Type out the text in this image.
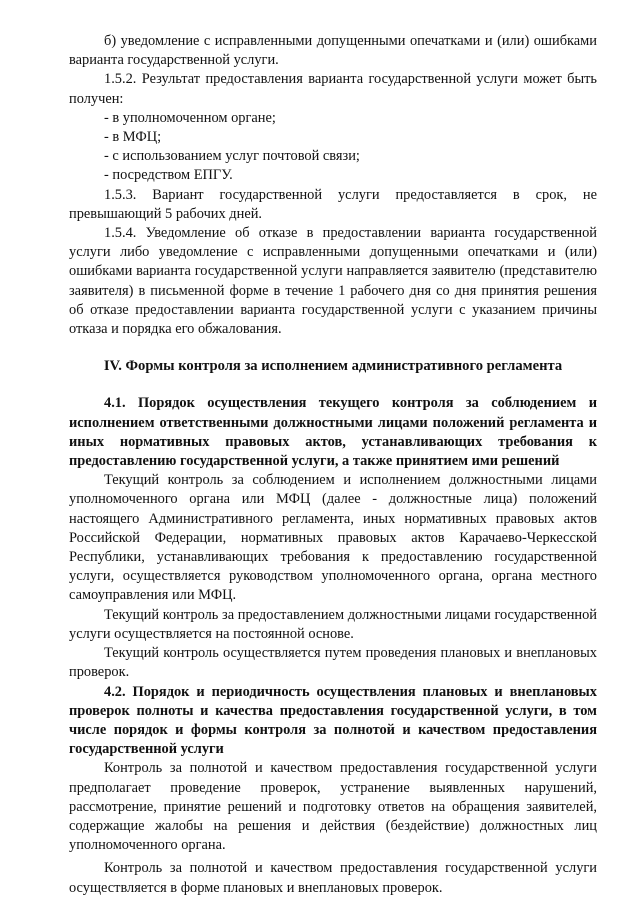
б) уведомление с исправленными допущенными опечатками и (или) ошибками варианта государственной услуги.

1.5.2. Результат предоставления варианта государственной услуги может быть получен:

- в уполномоченном органе;

- в МФЦ;

- с использованием услуг почтовой связи;

- посредством ЕПГУ.

1.5.3. Вариант государственной услуги предоставляется в срок, не превышающий 5 рабочих дней.

1.5.4. Уведомление об отказе в предоставлении варианта государственной услуги либо уведомление с исправленными допущенными опечатками и (или) ошибками варианта государственной услуги направляется заявителю (представителю заявителя) в письменной форме в течение 1 рабочего дня со дня принятия решения об отказе предоставлении варианта государственной услуги с указанием причины отказа и порядка его обжалования.

IV. Формы контроля за исполнением административного регламента

4.1. Порядок осуществления текущего контроля за соблюдением и исполнением ответственными должностными лицами положений регламента и иных нормативных правовых актов, устанавливающих требования к предоставлению государственной услуги, а также принятием ими решений

Текущий контроль за соблюдением и исполнением должностными лицами уполномоченного органа или МФЦ (далее - должностные лица) положений настоящего Административного регламента, иных нормативных правовых актов Российской Федерации, нормативных правовых актов Карачаево-Черкесской Республики, устанавливающих требования к предоставлению государственной услуги, осуществляется руководством уполномоченного органа, органа местного самоуправления или МФЦ.

Текущий контроль за предоставлением должностными лицами государственной услуги осуществляется на постоянной основе.

Текущий контроль осуществляется путем проведения плановых и внеплановых проверок.

4.2. Порядок и периодичность осуществления плановых и внеплановых проверок полноты и качества предоставления государственной услуги, в том числе порядок и формы контроля за полнотой и качеством предоставления государственной услуги

Контроль за полнотой и качеством предоставления государственной услуги предполагает проведение проверок, устранение выявленных нарушений, рассмотрение, принятие решений и подготовку ответов на обращения заявителей, содержащие жалобы на решения и действия (бездействие) должностных лиц уполномоченного органа.

Контроль за полнотой и качеством предоставления государственной услуги осуществляется в форме плановых и внеплановых проверок.
